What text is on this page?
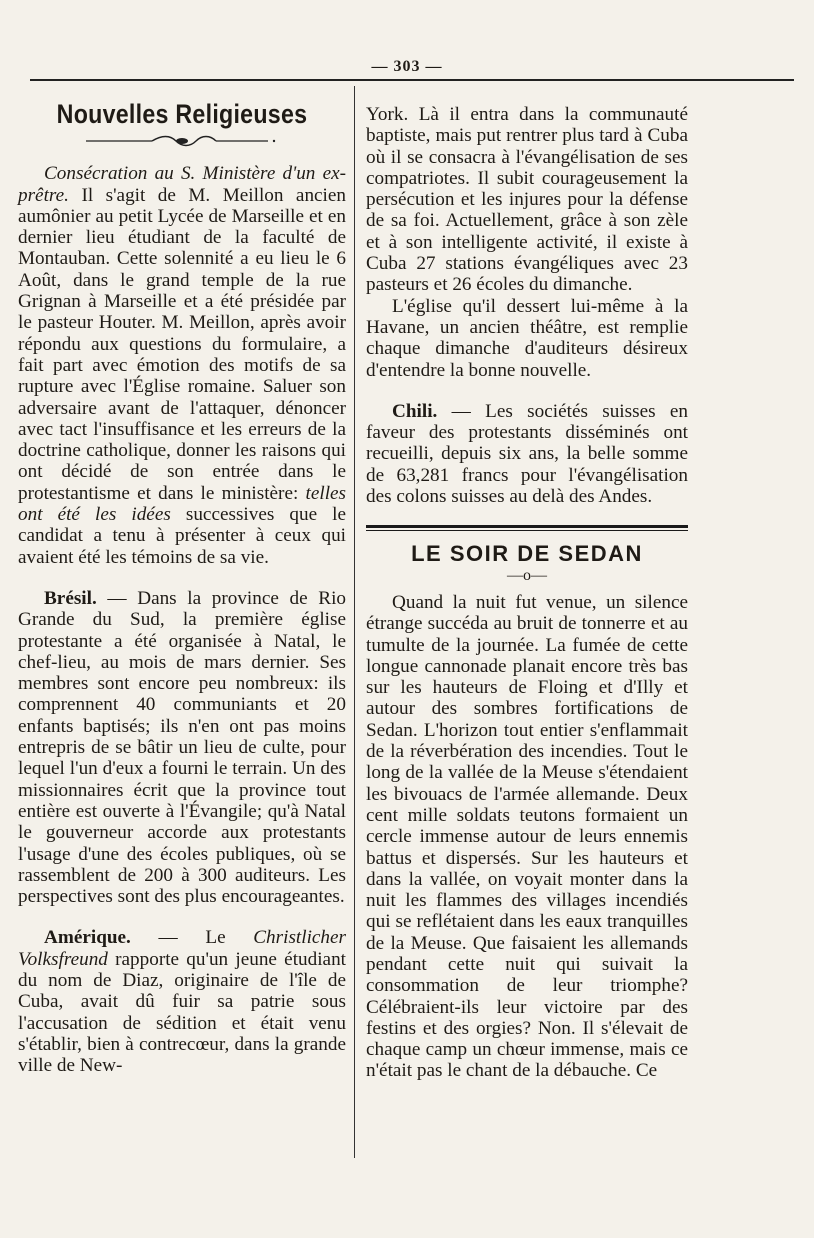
— 303 —
Nouvelles Religieuses

Consécration au S. Ministère d'un ex-prêtre. Il s'agit de M. Meillon ancien aumônier au petit Lycée de Marseille et en dernier lieu étudiant de la faculté de Montauban. Cette solennité a eu lieu le 6 Août, dans le grand temple de la rue Grignan à Marseille et a été présidée par le pasteur Houter. M. Meillon, après avoir répondu aux questions du formulaire, a fait part avec émotion des motifs de sa rupture avec l'Église romaine. Saluer son adversaire avant de l'attaquer, dénoncer avec tact l'insuffisance et les erreurs de la doctrine catholique, donner les raisons qui ont décidé de son entrée dans le protestantisme et dans le ministère: telles ont été les idées successives que le candidat a tenu à présenter à ceux qui avaient été les témoins de sa vie.

Brésil. — Dans la province de Rio Grande du Sud, la première église protestante a été organisée à Natal, le chef-lieu, au mois de mars dernier. Ses membres sont encore peu nombreux: ils comprennent 40 communiants et 20 enfants baptisés; ils n'en ont pas moins entrepris de se bâtir un lieu de culte, pour lequel l'un d'eux a fourni le terrain. Un des missionnaires écrit que la province tout entière est ouverte à l'Évangile; qu'à Natal le gouverneur accorde aux protestants l'usage d'une des écoles publiques, où se rassemblent de 200 à 300 auditeurs. Les perspectives sont des plus encourageantes.

Amérique. — Le Christlicher Volksfreund rapporte qu'un jeune étudiant du nom de Diaz, originaire de l'île de Cuba, avait dû fuir sa patrie sous l'accusation de sédition et était venu s'établir, bien à contrecœur, dans la grande ville de New-

York. Là il entra dans la communauté baptiste, mais put rentrer plus tard à Cuba où il se consacra à l'évangélisation de ses compatriotes. Il subit courageusement la persécution et les injures pour la défense de sa foi. Actuellement, grâce à son zèle et à son intelligente activité, il existe à Cuba 27 stations évangéliques avec 23 pasteurs et 26 écoles du dimanche.

L'église qu'il dessert lui-même à la Havane, un ancien théâtre, est remplie chaque dimanche d'auditeurs désireux d'entendre la bonne nouvelle.

Chili. — Les sociétés suisses en faveur des protestants disséminés ont recueilli, depuis six ans, la belle somme de 63,281 francs pour l'évangélisation des colons suisses au delà des Andes.

LE SOIR DE SEDAN
—o—

Quand la nuit fut venue, un silence étrange succéda au bruit de tonnerre et au tumulte de la journée. La fumée de cette longue cannonade planait encore très bas sur les hauteurs de Floing et d'Illy et autour des sombres fortifications de Sedan. L'horizon tout entier s'enflammait de la réverbération des incendies. Tout le long de la vallée de la Meuse s'étendaient les bivouacs de l'armée allemande. Deux cent mille soldats teutons formaient un cercle immense autour de leurs ennemis battus et dispersés. Sur les hauteurs et dans la vallée, on voyait monter dans la nuit les flammes des villages incendiés qui se reflétaient dans les eaux tranquilles de la Meuse. Que faisaient les allemands pendant cette nuit qui suivait la consommation de leur triomphe? Célébraient-ils leur victoire par des festins et des orgies? Non. Il s'élevait de chaque camp un chœur immense, mais ce n'était pas le chant de la débauche. Ce
